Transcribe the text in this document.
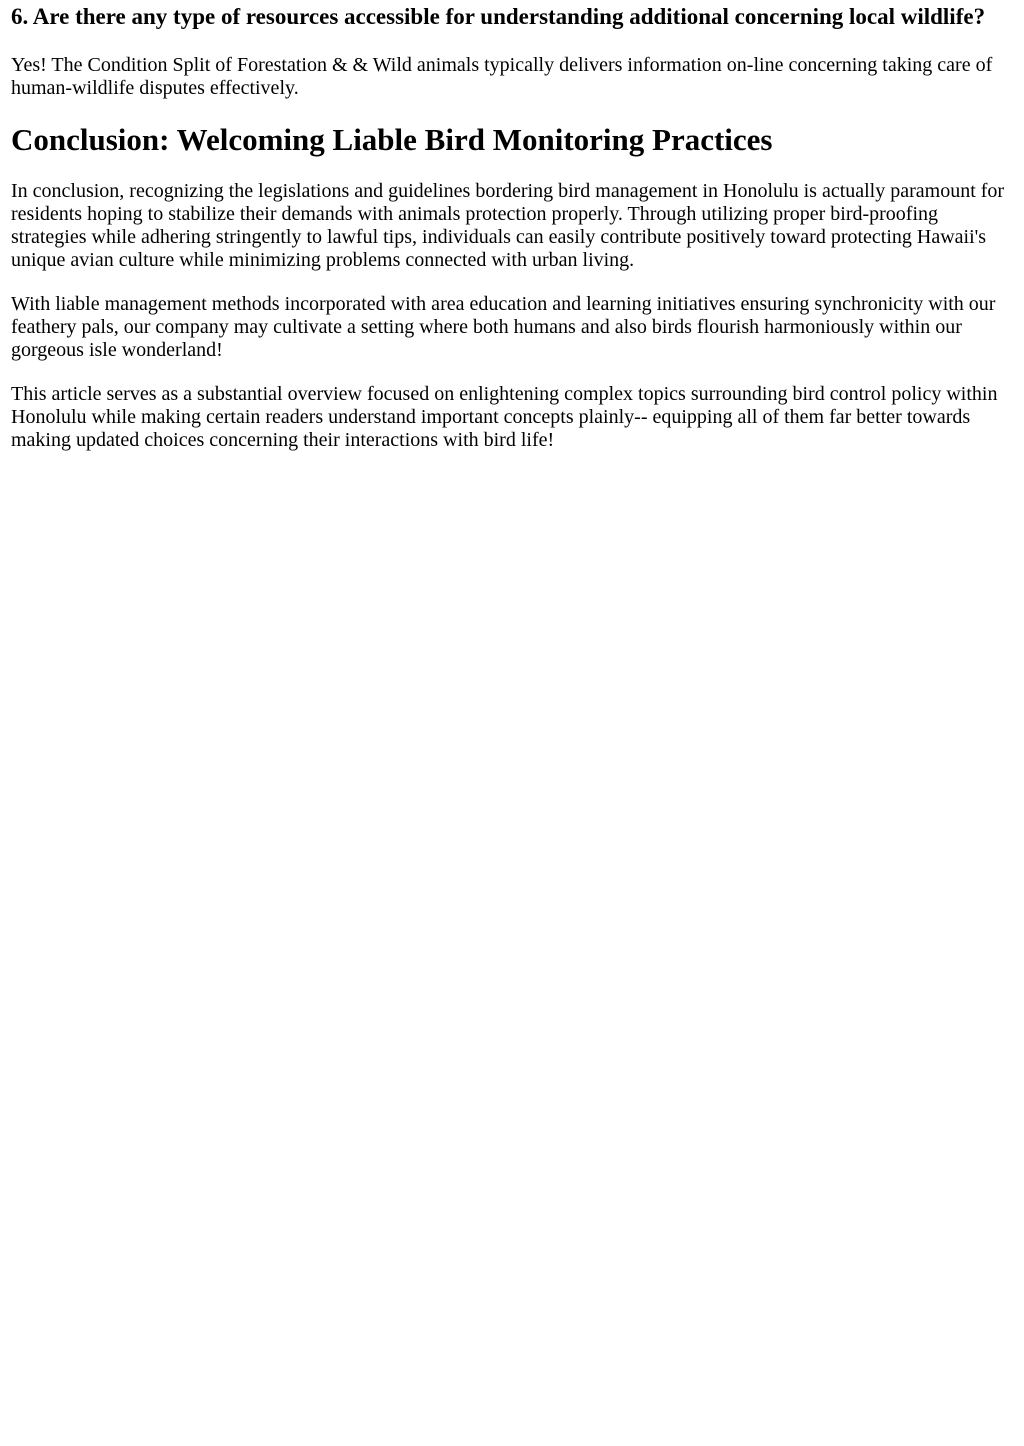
6. Are there any type of resources accessible for understanding additional concerning local wildlife?

Yes! The Condition Split of Forestation & & Wild animals typically delivers information on-line concerning taking care of human-wildlife disputes effectively.

Conclusion: Welcoming Liable Bird Monitoring Practices

In conclusion, recognizing the legislations and guidelines bordering bird management in Honolulu is actually paramount for residents hoping to stabilize their demands with animals protection properly. Through utilizing proper bird-proofing strategies while adhering stringently to lawful tips, individuals can easily contribute positively toward protecting Hawaii's unique avian culture while minimizing problems connected with urban living.

With liable management methods incorporated with area education and learning initiatives ensuring synchronicity with our feathery pals, our company may cultivate a setting where both humans and also birds flourish harmoniously within our gorgeous isle wonderland!

This article serves as a substantial overview focused on enlightening complex topics surrounding bird control policy within Honolulu while making certain readers understand important concepts plainly-- equipping all of them far better towards making updated choices concerning their interactions with bird life!
